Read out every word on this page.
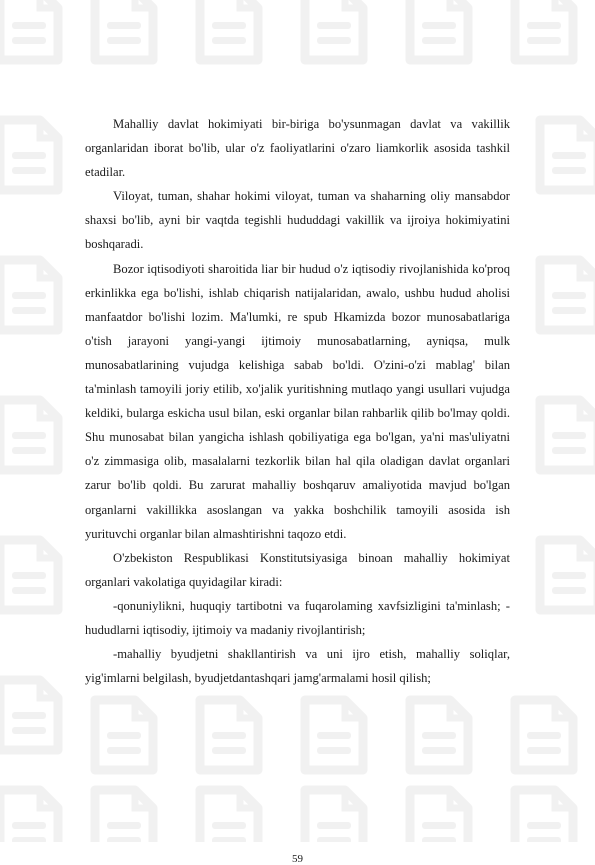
Mahalliy davlat hokimiyati bir-biriga bo'ysunmagan davlat va vakillik organlaridan iborat bo'lib, ular o'z faoliyatlarini o'zaro liamkorlik asosida tashkil etadilar.

Viloyat, tuman, shahar hokimi viloyat, tuman va shaharning oliy mansabdor shaxsi bo'lib, ayni bir vaqtda tegishli hududdagi vakillik va ijroiya hokimiyatini boshqaradi.

Bozor iqtisodiyoti sharoitida liar bir hudud o'z iqtisodiy rivojlanishida ko'proq erkinlikka ega bo'lishi, ishlab chiqarish natijalaridan, awalo, ushbu hudud aholisi manfaatdor bo'lishi lozim. Ma'lumki, re spub Hkamizda bozor munosabatlariga o'tish jarayoni yangi-yangi ijtimoiy munosabatlarning, ayniqsa, mulk munosabatlarining vujudga kelishiga sabab bo'ldi. O'zini-o'zi mablag' bilan ta'minlash tamoyili joriy etilib, xo'jalik yuritishning mutlaqo yangi usullari vujudga keldiki, bularga eskicha usul bilan, eski organlar bilan rahbarlik qilib bo'lmay qoldi. Shu munosabat bilan yangicha ishlash qobiliyatiga ega bo'lgan, ya'ni mas'uliyatni o'z zimmasiga olib, masalalarni tezkorlik bilan hal qila oladigan davlat organlari zarur bo'lib qoldi. Bu zarurat mahalliy boshqaruv amaliyotida mavjud bo'lgan organlarni vakillikka asoslangan va yakka boshchilik tamoyili asosida ish yurituvchi organlar bilan almashtirishni taqozo etdi.

O'zbekiston Respublikasi Konstitutsiyasiga binoan mahalliy hokimiyat organlari vakolatiga quyidagilar kiradi:

-qonuniylikni, huquqiy tartibotni va fuqarolaming xavfsizligini ta'minlash; -hududlarni iqtisodiy, ijtimoiy va madaniy rivojlantirish;

-mahalliy byudjetni shakllantirish va uni ijro etish, mahalliy soliqlar, yig'imlarni belgilash, byudjetdantashqari jamg'armalami hosil qilish;

59
